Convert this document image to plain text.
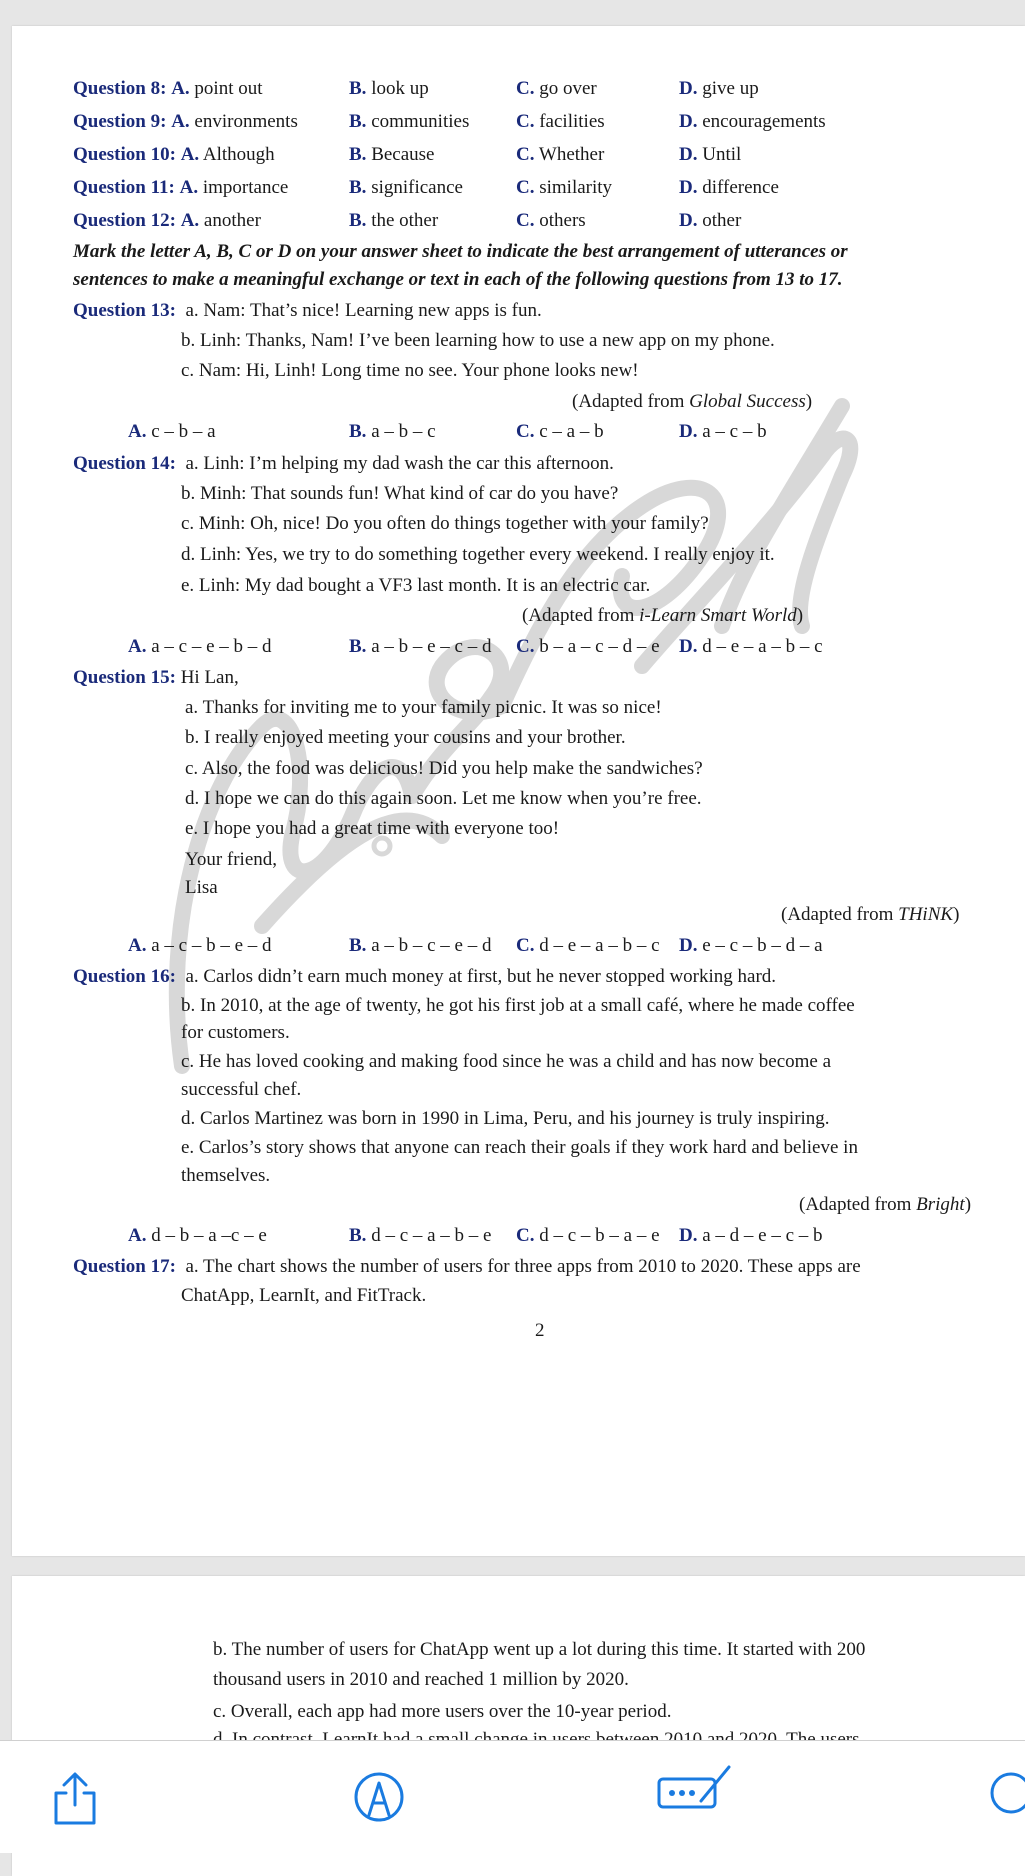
Question 8: A. point out	B. look up	C. go over	D. give up
Question 9: A. environments	B. communities C. facilities	D. encouragements
Question 10: A. Although	B. Because	C. Whether	D. Until
Question 11: A. importance	B. significance	C. similarity	D. difference
Question 12: A. another	B. the other	C. others	D. other
Mark the letter A, B, C or D on your answer sheet to indicate the best arrangement of utterances or
sentences to make a meaningful exchange or text in each of the following questions from 13 to 17.
Question 13: a. Nam: That’s nice! Learning new apps is fun.
b. Linh: Thanks, Nam! I’ve been learning how to use a new app on my phone.
c. Nam: Hi, Linh! Long time no see. Your phone looks new!
(Adapted from Global Success)
A. c – b – a	B. a – b – c	C. c – a – b	D. a – c – b
Question 14: a. Linh: I’m helping my dad wash the car this afternoon.
b. Minh: That sounds fun! What kind of car do you have?
c. Minh: Oh, nice! Do you often do things together with your family?
d. Linh: Yes, we try to do something together every weekend. I really enjoy it.
e. Linh: My dad bought a VF3 last month. It is an electric car.
(Adapted from i-Learn Smart World)
A. a – c – e – b – d	B. a – b – e – c – d C. b – a – c – d – e D. d – e – a – b – c
Question 15: Hi Lan,
a. Thanks for inviting me to your family picnic. It was so nice!
b. I really enjoyed meeting your cousins and your brother.
c. Also, the food was delicious! Did you help make the sandwiches?
d. I hope we can do this again soon. Let me know when you’re free.
e. I hope you had a great time with everyone too!
Your friend,
Lisa
(Adapted from THiNK)
A. a – c – b – e – d	B. a – b – c – e – d C. d – e – a – b – c D. e – c – b – d – a
Question 16: a. Carlos didn’t earn much money at first, but he never stopped working hard.
b. In 2010, at the age of twenty, he got his first job at a small café, where he made coffee
for customers.
c. He has loved cooking and making food since he was a child and has now become a
successful chef.
d. Carlos Martinez was born in 1990 in Lima, Peru, and his journey is truly inspiring.
e. Carlos’s story shows that anyone can reach their goals if they work hard and believe in
themselves.
(Adapted from Bright)
A. d – b – a –c – e	B. d – c – a – b – e C. d – c – b – a – e D. a – d – e – c – b
Question 17: a. The chart shows the number of users for three apps from 2010 to 2020. These apps are
ChatApp, LearnIt, and FitTrack.
2
b. The number of users for ChatApp went up a lot during this time. It started with 200
thousand users in 2010 and reached 1 million by 2020.
c. Overall, each app had more users over the 10-year period.
